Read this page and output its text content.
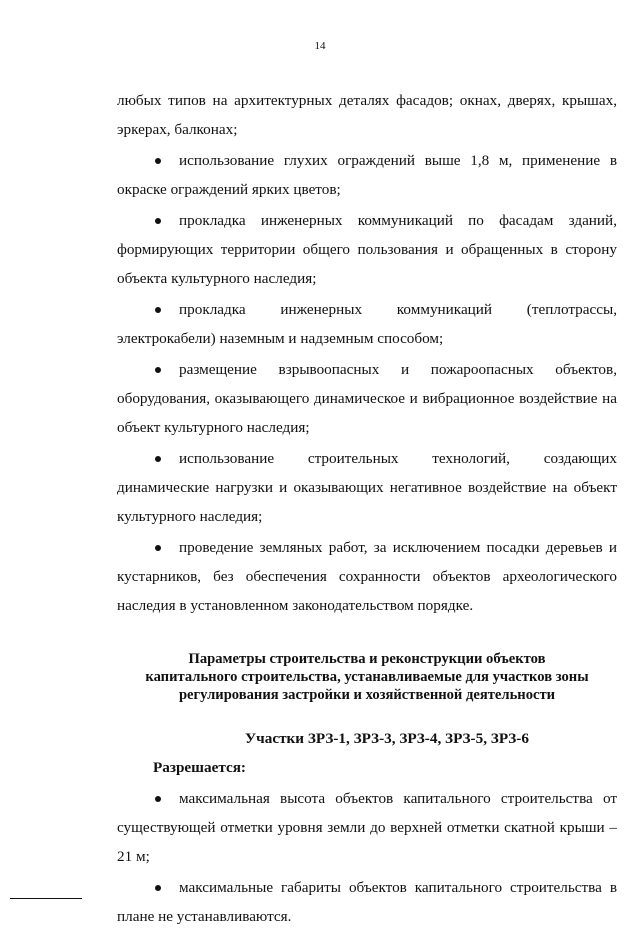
14

любых типов на архитектурных деталях фасадов; окнах, дверях, крышах, эркерах, балконах;

использование глухих ограждений выше 1,8 м, применение в окраске ограждений ярких цветов;

прокладка инженерных коммуникаций по фасадам зданий, формирующих территории общего пользования и обращенных в сторону объекта культурного наследия;

прокладка инженерных коммуникаций (теплотрассы, электрокабели) наземным и надземным способом;

размещение взрывоопасных и пожароопасных объектов, оборудования, оказывающего динамическое и вибрационное воздействие на объект культурного наследия;

использование строительных технологий, создающих динамические нагрузки и оказывающих негативное воздействие на объект культурного наследия;

проведение земляных работ, за исключением посадки деревьев и кустарников, без обеспечения сохранности объектов археологического наследия в установленном законодательством порядке.

Параметры строительства и реконструкции объектов
капитального строительства, устанавливаемые для участков зоны
регулирования застройки и хозяйственной деятельности

Участки ЗРЗ-1, ЗРЗ-3, ЗРЗ-4, ЗРЗ-5, ЗРЗ-6

Разрешается:

максимальная высота объектов капитального строительства от существующей отметки уровня земли до верхней отметки скатной крыши – 21 м;

максимальные габариты объектов капитального строительства в плане не устанавливаются.
